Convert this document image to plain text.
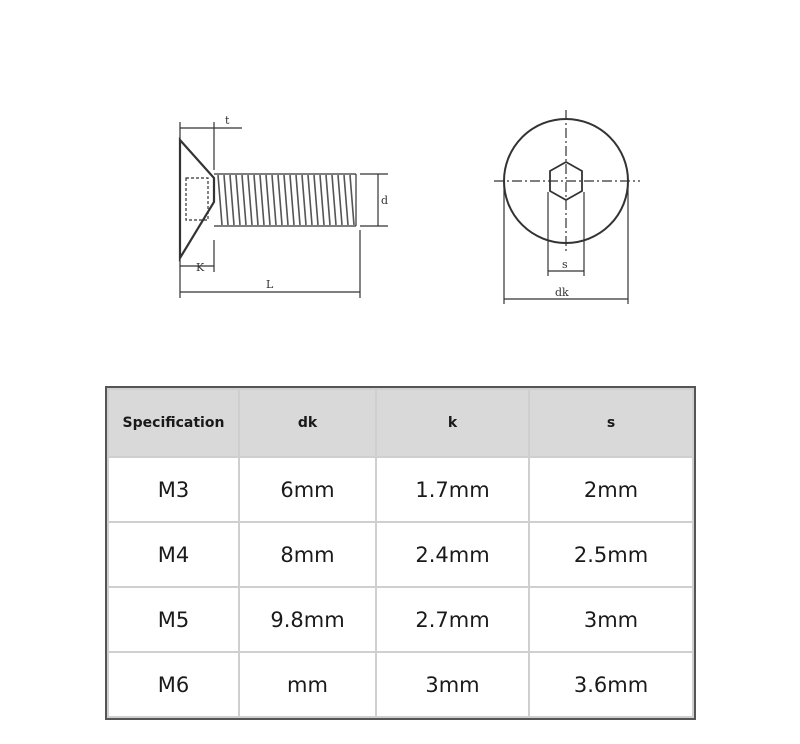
t
d
K
L
s
dk
Specification	dk	k	s
M3	6mm	1.7mm	2mm
M4	8mm	2.4mm	2.5mm
M5	9.8mm	2.7mm	3mm
M6	mm	3mm	3.6mm
